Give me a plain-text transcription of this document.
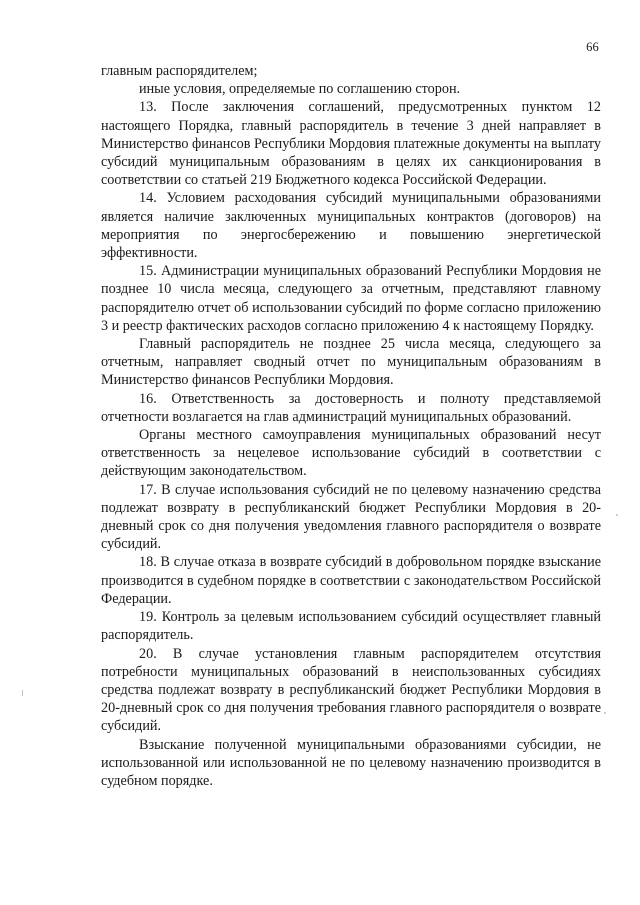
66

главным распорядителем;

иные условия, определяемые по соглашению сторон.

13. После заключения соглашений, предусмотренных пунктом 12 настоящего Порядка, главный распорядитель в течение 3 дней направляет в Министерство финансов Республики Мордовия платежные документы на выплату субсидий муниципальным образованиям в целях их санкционирования в соответствии со статьей 219 Бюджетного кодекса Российской Федерации.

14. Условием расходования субсидий муниципальными образованиями является наличие заключенных муниципальных контрактов (договоров) на мероприятия по энергосбережению и повышению энергетической эффективности.

15. Администрации муниципальных образований Республики Мордовия не позднее 10 числа месяца, следующего за отчетным, представляют главному распорядителю отчет об использовании субсидий по форме согласно приложению 3 и реестр фактических расходов согласно приложению 4 к настоящему Порядку.

Главный распорядитель не позднее 25 числа месяца, следующего за отчетным, направляет сводный отчет по муниципальным образованиям в Министерство финансов Республики Мордовия.

16. Ответственность за достоверность и полноту представляемой отчетности возлагается на глав администраций муниципальных образований.

Органы местного самоуправления муниципальных образований несут ответственность за нецелевое использование субсидий в соответствии с действующим законодательством.

17. В случае использования субсидий не по целевому назначению средства подлежат возврату в республиканский бюджет Республики Мордовия в 20-дневный срок со дня получения уведомления главного распорядителя о возврате субсидий.

18. В случае отказа в возврате субсидий в добровольном порядке взыскание производится в судебном порядке в соответствии с законодательством Российской Федерации.

19. Контроль за целевым использованием субсидий осуществляет главный распорядитель.

20. В случае установления главным распорядителем отсутствия потребности муниципальных образований в неиспользованных субсидиях средства подлежат возврату в республиканский бюджет Республики Мордовия в 20-дневный срок со дня получения требования главного распорядителя о возврате субсидий.

Взыскание полученной муниципальными образованиями субсидии, не использованной или использованной не по целевому назначению производится в судебном порядке.
